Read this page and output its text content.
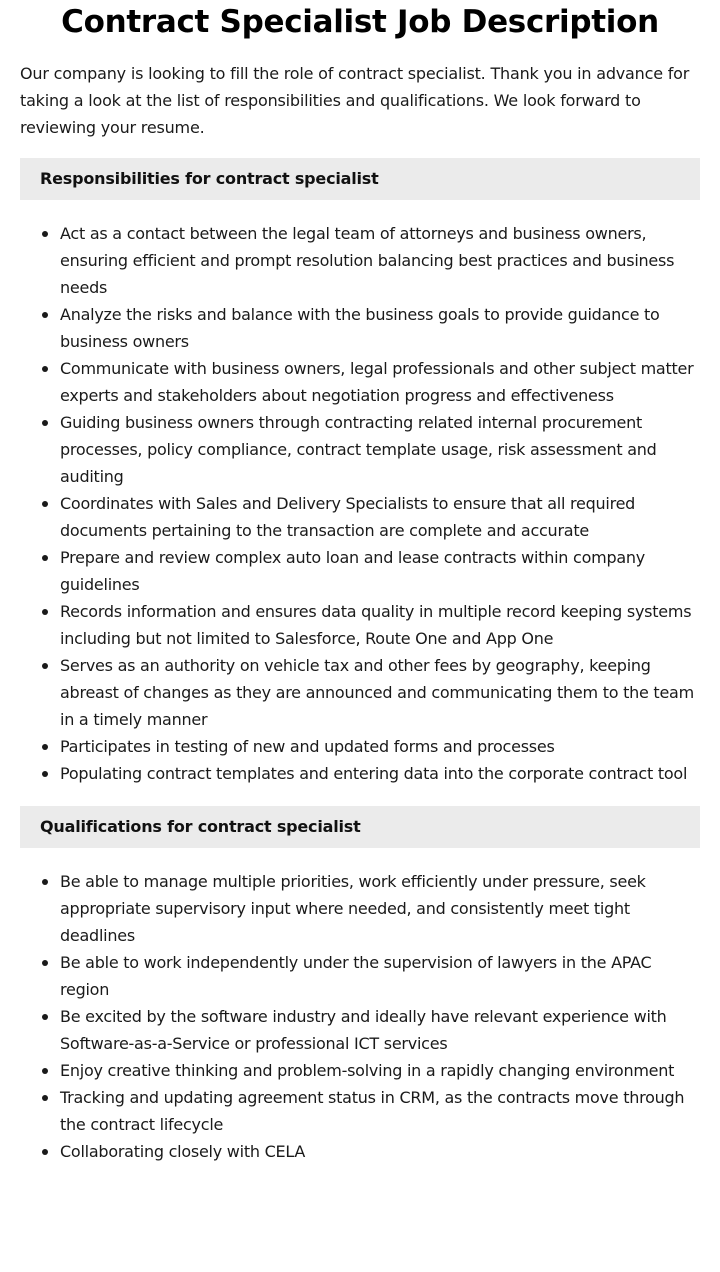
Contract Specialist Job Description

Our company is looking to fill the role of contract specialist. Thank you in advance for taking a look at the list of responsibilities and qualifications. We look forward to reviewing your resume.

Responsibilities for contract specialist
Act as a contact between the legal team of attorneys and business owners, ensuring efficient and prompt resolution balancing best practices and business needs
Analyze the risks and balance with the business goals to provide guidance to business owners
Communicate with business owners, legal professionals and other subject matter experts and stakeholders about negotiation progress and effectiveness
Guiding business owners through contracting related internal procurement processes, policy compliance, contract template usage, risk assessment and auditing
Coordinates with Sales and Delivery Specialists to ensure that all required documents pertaining to the transaction are complete and accurate
Prepare and review complex auto loan and lease contracts within company guidelines
Records information and ensures data quality in multiple record keeping systems including but not limited to Salesforce, Route One and App One
Serves as an authority on vehicle tax and other fees by geography, keeping abreast of changes as they are announced and communicating them to the team in a timely manner
Participates in testing of new and updated forms and processes
Populating contract templates and entering data into the corporate contract tool
Qualifications for contract specialist
Be able to manage multiple priorities, work efficiently under pressure, seek appropriate supervisory input where needed, and consistently meet tight deadlines
Be able to work independently under the supervision of lawyers in the APAC region
Be excited by the software industry and ideally have relevant experience with Software-as-a-Service or professional ICT services
Enjoy creative thinking and problem-solving in a rapidly changing environment
Tracking and updating agreement status in CRM, as the contracts move through the contract lifecycle
Collaborating closely with CELA
